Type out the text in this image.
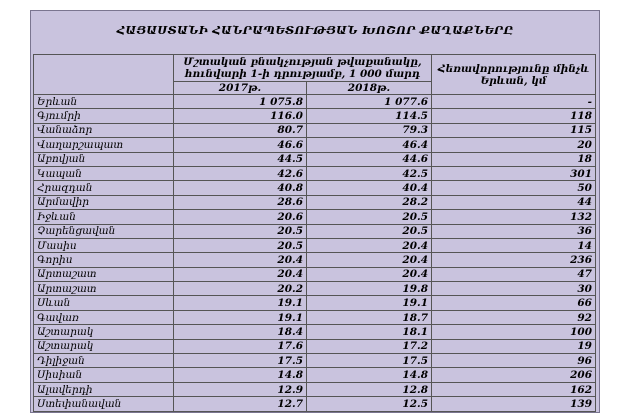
ՀԱՅԱՍՏԱՆԻ ՀԱՆՐԱՊԵՏՈՒԹՅԱՆ ԽՈՇՈՐ ՔԱՂԱՔՆԵՐԸ
	Մշտական բնակչության թվաքանակը, հունվարի 1-ի դրությամբ, 1 000 մարդ		Հեռավորությունը մինչև Երևան, կմ
	2017թ.	2018թ.	
Երևան	1 075.8	1 077.6	-
Գյումրի	116.0	114.5	118
Վանաձոր	80.7	79.3	115
Վաղարշապատ	46.6	46.4	20
Աբովյան	44.5	44.6	18
Կապան	42.6	42.5	301
Հրազդան	40.8	40.4	50
Արմավիր	28.6	28.2	44
Իջևան	20.6	20.5	132
Չարենցավան	20.5	20.5	36
Մասիս	20.5	20.4	14
Գորիս	20.4	20.4	236
Արտաշատ	20.4	20.4	47
Արտաշատ	20.2	19.8	30
Սևան	19.1	19.1	66
Գավառ	19.1	18.7	92
Աշտարակ	18.4	18.1	100
Աշտարակ	17.6	17.2	19
Դիլիջան	17.5	17.5	96
Սիսիան	14.8	14.8	206
Ալավերդի	12.9	12.8	162
Ստեփանավան	12.7	12.5	139
